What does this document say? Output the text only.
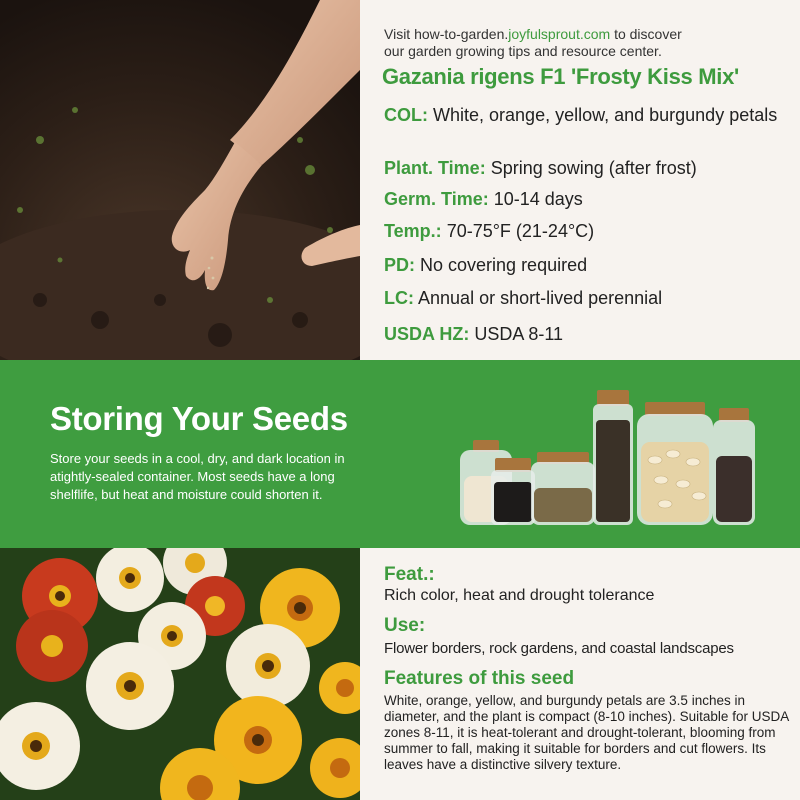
Visit how-to-garden.joyfulsprout.com to discover
our garden growing tips and resource center.
Gazania rigens F1 'Frosty Kiss Mix'
COL: White, orange, yellow, and burgundy petals
Plant. Time: Spring sowing (after frost)
Germ. Time: 10-14 days
Temp.: 70-75°F (21-24°C)
PD: No covering required
LC: Annual or short-lived perennial
USDA HZ: USDA 8-11
Storing Your Seeds
Store your seeds in a cool, dry, and dark location in atightly-sealed container. Most seeds have a long shelflife, but heat and moisture could shorten it.
Feat.:
Rich color, heat and drought tolerance
Use:
Flower borders, rock gardens, and coastal landscapes
Features of this seed
White, orange, yellow, and burgundy petals are 3.5 inches in diameter, and the plant is compact (8-10 inches). Suitable for USDA zones 8-11, it is heat-tolerant and drought-tolerant, blooming from summer to fall, making it suitable for borders and cut flowers. Its leaves have a distinctive silvery texture.
